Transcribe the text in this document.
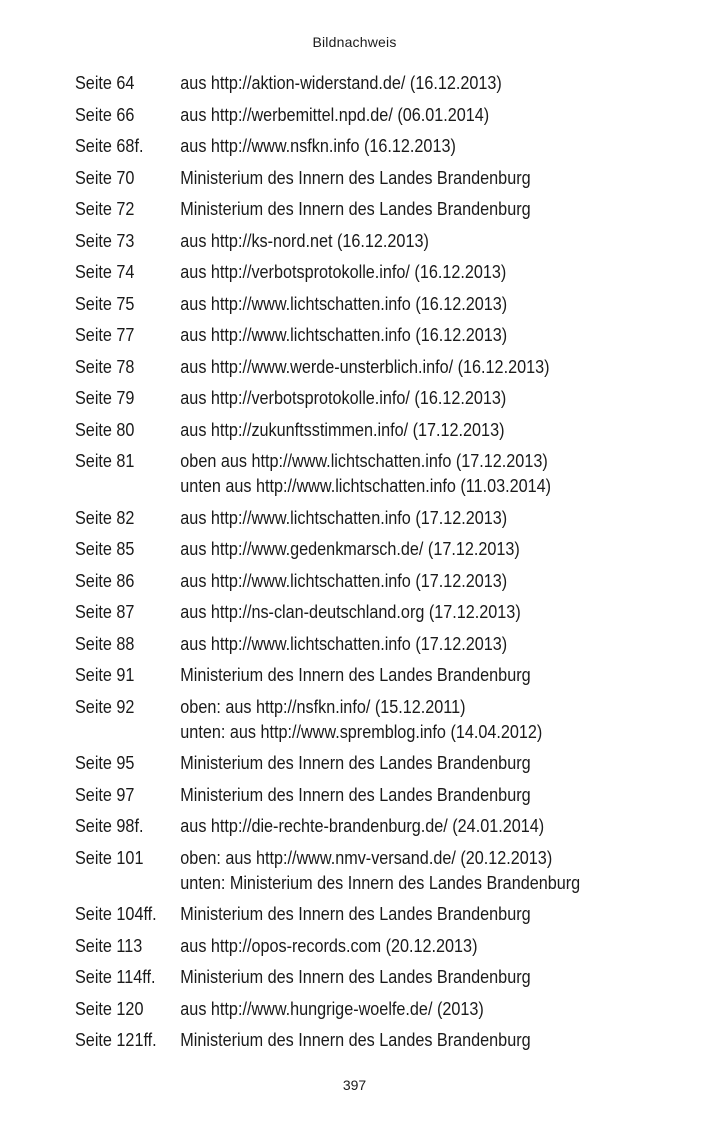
Bildnachweis
Seite 64	aus http://aktion-widerstand.de/ (16.12.2013)
Seite 66	aus http://werbemittel.npd.de/ (06.01.2014)
Seite 68f.	aus http://www.nsfkn.info (16.12.2013)
Seite 70	Ministerium des Innern des Landes Brandenburg
Seite 72	Ministerium des Innern des Landes Brandenburg
Seite 73	aus http://ks-nord.net (16.12.2013)
Seite 74	aus http://verbotsprotokolle.info/ (16.12.2013)
Seite 75	aus http://www.lichtschatten.info (16.12.2013)
Seite 77	aus http://www.lichtschatten.info (16.12.2013)
Seite 78	aus http://www.werde-unsterblich.info/ (16.12.2013)
Seite 79	aus http://verbotsprotokolle.info/ (16.12.2013)
Seite 80	aus http://zukunftsstimmen.info/ (17.12.2013)
Seite 81	oben aus http://www.lichtschatten.info (17.12.2013)
unten aus http://www.lichtschatten.info (11.03.2014)
Seite 82	aus http://www.lichtschatten.info (17.12.2013)
Seite 85	aus http://www.gedenkmarsch.de/ (17.12.2013)
Seite 86	aus http://www.lichtschatten.info (17.12.2013)
Seite 87	aus http://ns-clan-deutschland.org (17.12.2013)
Seite 88	aus http://www.lichtschatten.info (17.12.2013)
Seite 91	Ministerium des Innern des Landes Brandenburg
Seite 92	oben: aus http://nsfkn.info/ (15.12.2011)
unten: aus http://www.spremblog.info (14.04.2012)
Seite 95	Ministerium des Innern des Landes Brandenburg
Seite 97	Ministerium des Innern des Landes Brandenburg
Seite 98f.	aus http://die-rechte-brandenburg.de/ (24.01.2014)
Seite 101	oben: aus http://www.nmv-versand.de/ (20.12.2013)
unten: Ministerium des Innern des Landes Brandenburg
Seite 104ff.	Ministerium des Innern des Landes Brandenburg
Seite 113	aus http://opos-records.com (20.12.2013)
Seite 114ff.	Ministerium des Innern des Landes Brandenburg
Seite 120	aus http://www.hungrige-woelfe.de/ (2013)
Seite 121ff.	Ministerium des Innern des Landes Brandenburg
397
